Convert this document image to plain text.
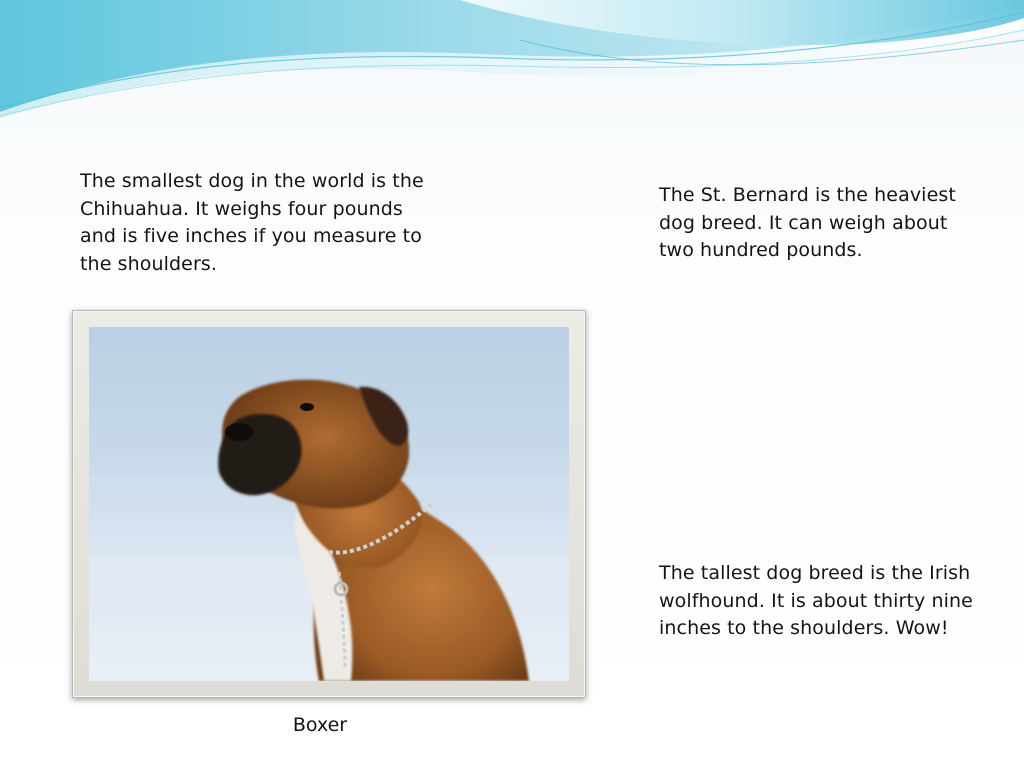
The smallest dog in the world is the Chihuahua. It weighs four pounds and is five inches if you measure to the shoulders.
The St. Bernard is the heaviest dog breed. It can weigh about two hundred pounds.
Boxer
The tallest dog breed is the Irish wolfhound. It is about thirty nine inches to the shoulders. Wow!
